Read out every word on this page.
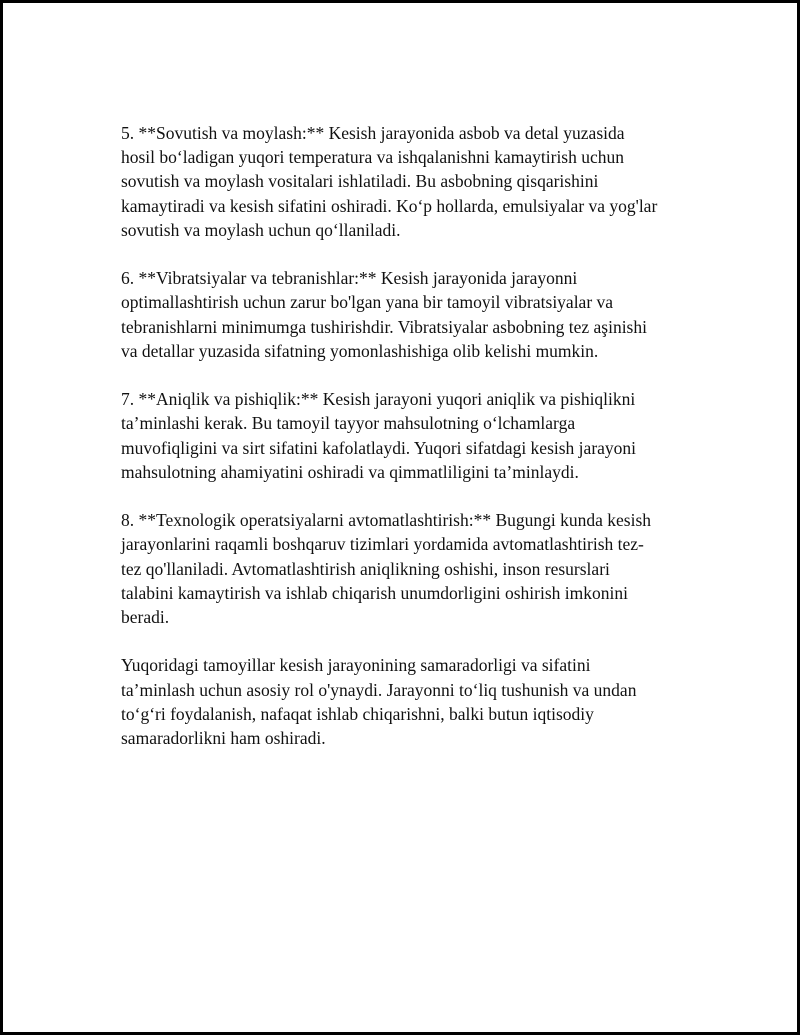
5. **Sovutish va moylash:** Kesish jarayonida asbob va detal yuzasida
hosil bo‘ladigan yuqori temperatura va ishqalanishni kamaytirish uchun
sovutish va moylash vositalari ishlatiladi. Bu asbobning qisqarishini
kamaytiradi va kesish sifatini oshiradi. Ko‘p hollarda, emulsiyalar va yog'lar
sovutish va moylash uchun qo‘llaniladi.

6. **Vibratsiyalar va tebranishlar:** Kesish jarayonida jarayonni
optimallashtirish uchun zarur bo'lgan yana bir tamoyil vibratsiyalar va
tebranishlarni minimumga tushirishdir. Vibratsiyalar asbobning tez aşinishi
va detallar yuzasida sifatning yomonlashishiga olib kelishi mumkin.

7. **Aniqlik va pishiqlik:** Kesish jarayoni yuqori aniqlik va pishiqlikni
ta’minlashi kerak. Bu tamoyil tayyor mahsulotning o‘lchamlarga
muvofiqligini va sirt sifatini kafolatlaydi. Yuqori sifatdagi kesish jarayoni
mahsulotning ahamiyatini oshiradi va qimmatliligini ta’minlaydi.

8. **Texnologik operatsiyalarni avtomatlashtirish:** Bugungi kunda kesish
jarayonlarini raqamli boshqaruv tizimlari yordamida avtomatlashtirish tez-
tez qo'llaniladi. Avtomatlashtirish aniqlikning oshishi, inson resurslari
talabini kamaytirish va ishlab chiqarish unumdorligini oshirish imkonini
beradi.

Yuqoridagi tamoyillar kesish jarayonining samaradorligi va sifatini
ta’minlash uchun asosiy rol o'ynaydi. Jarayonni to‘liq tushunish va undan
to‘g‘ri foydalanish, nafaqat ishlab chiqarishni, balki butun iqtisodiy
samaradorlikni ham oshiradi.
